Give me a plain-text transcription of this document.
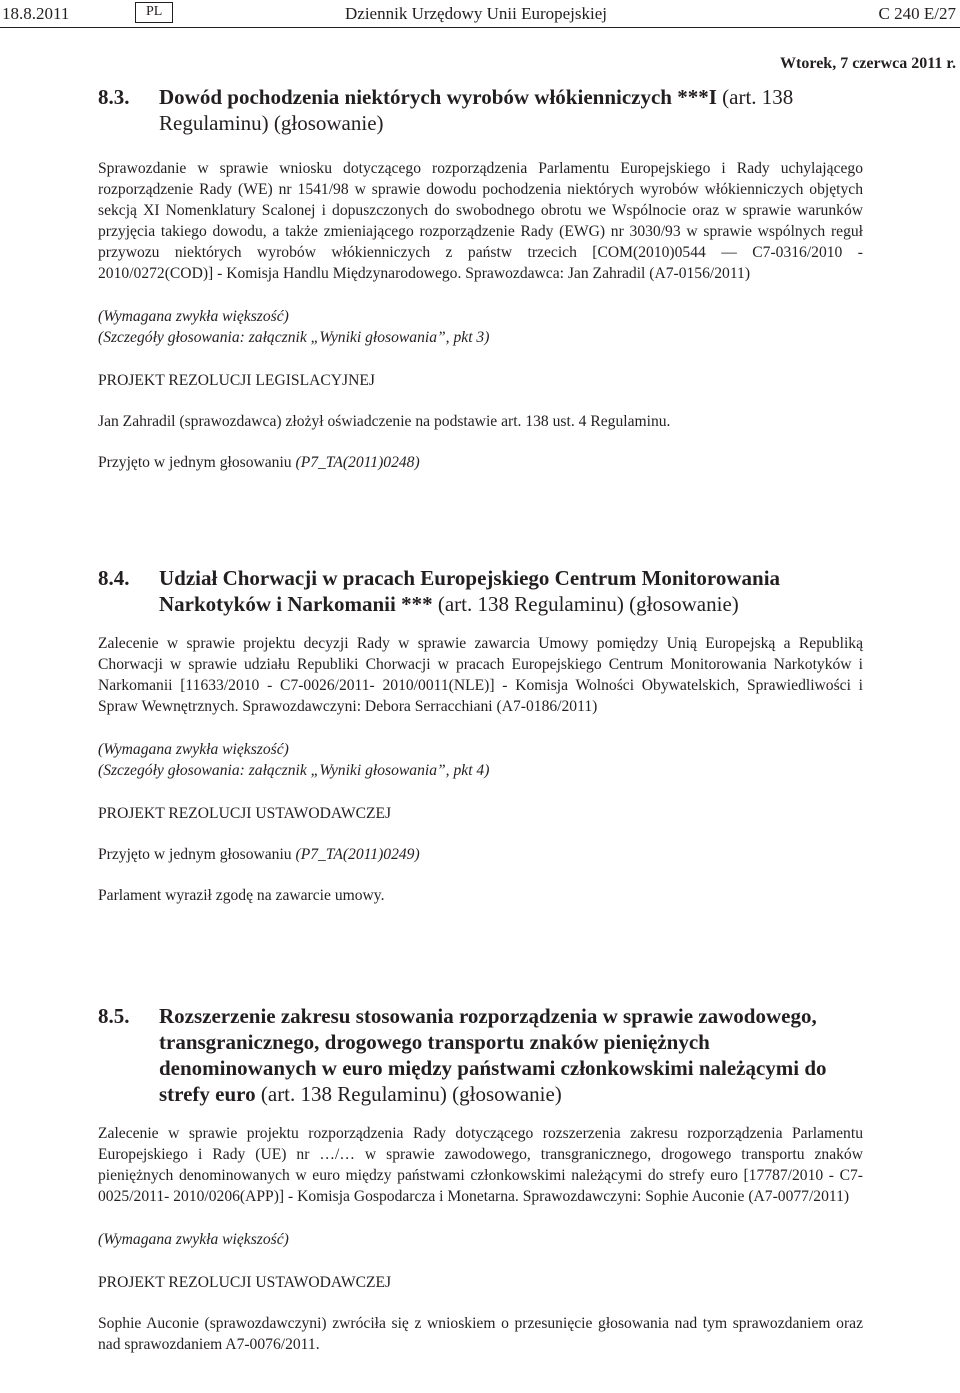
18.8.2011	PL	Dziennik Urzędowy Unii Europejskiej	C 240 E/27
Wtorek, 7 czerwca 2011 r.
8.3. Dowód pochodzenia niektórych wyrobów włókienniczych ***I (art. 138 Regulaminu) (głosowanie)

Sprawozdanie w sprawie wniosku dotyczącego rozporządzenia Parlamentu Europejskiego i Rady uchylającego rozporządzenie Rady (WE) nr 1541/98 w sprawie dowodu pochodzenia niektórych wyrobów włókienniczych objętych sekcją XI Nomenklatury Scalonej i dopuszczonych do swobodnego obrotu we Wspólnocie oraz w sprawie warunków przyjęcia takiego dowodu, a także zmieniającego rozporządzenie Rady (EWG) nr 3030/93 w sprawie wspólnych reguł przywozu niektórych wyrobów włókienniczych z państw trzecich [COM(2010)0544 — C7-0316/2010 - 2010/0272(COD)] - Komisja Handlu Międzynarodowego. Sprawozdawca: Jan Zahradil (A7-0156/2011)

(Wymagana zwykła większość)

(Szczegóły głosowania: załącznik „Wyniki głosowania”, pkt 3)

PROJEKT REZOLUCJI LEGISLACYJNEJ

Jan Zahradil (sprawozdawca) złożył oświadczenie na podstawie art. 138 ust. 4 Regulaminu.

Przyjęto w jednym głosowaniu (P7_TA(2011)0248)

8.4. Udział Chorwacji w pracach Europejskiego Centrum Monitorowania Narkotyków i Narkomanii *** (art. 138 Regulaminu) (głosowanie)

Zalecenie w sprawie projektu decyzji Rady w sprawie zawarcia Umowy pomiędzy Unią Europejską a Republiką Chorwacji w sprawie udziału Republiki Chorwacji w pracach Europejskiego Centrum Monitorowania Narkotyków i Narkomanii [11633/2010 - C7-0026/2011- 2010/0011(NLE)] - Komisja Wolności Obywatelskich, Sprawiedliwości i Spraw Wewnętrznych. Sprawozdawczyni: Debora Serracchiani (A7-0186/2011)

(Wymagana zwykła większość)

(Szczegóły głosowania: załącznik „Wyniki głosowania”, pkt 4)

PROJEKT REZOLUCJI USTAWODAWCZEJ

Przyjęto w jednym głosowaniu (P7_TA(2011)0249)

Parlament wyraził zgodę na zawarcie umowy.

8.5. Rozszerzenie zakresu stosowania rozporządzenia w sprawie zawodowego, transgranicznego, drogowego transportu znaków pieniężnych denominowanych w euro między państwami członkowskimi należącymi do strefy euro (art. 138 Regulaminu) (głosowanie)

Zalecenie w sprawie projektu rozporządzenia Rady dotyczącego rozszerzenia zakresu rozporządzenia Parlamentu Europejskiego i Rady (UE) nr …/… w sprawie zawodowego, transgranicznego, drogowego transportu znaków pieniężnych denominowanych w euro między państwami członkowskimi należącymi do strefy euro [17787/2010 - C7-0025/2011- 2010/0206(APP)] - Komisja Gospodarcza i Monetarna. Sprawozdawczyni: Sophie Auconie (A7-0077/2011)

(Wymagana zwykła większość)

PROJEKT REZOLUCJI USTAWODAWCZEJ

Sophie Auconie (sprawozdawczyni) zwróciła się z wnioskiem o przesunięcie głosowania nad tym sprawozdaniem oraz nad sprawozdaniem A7-0076/2011.
